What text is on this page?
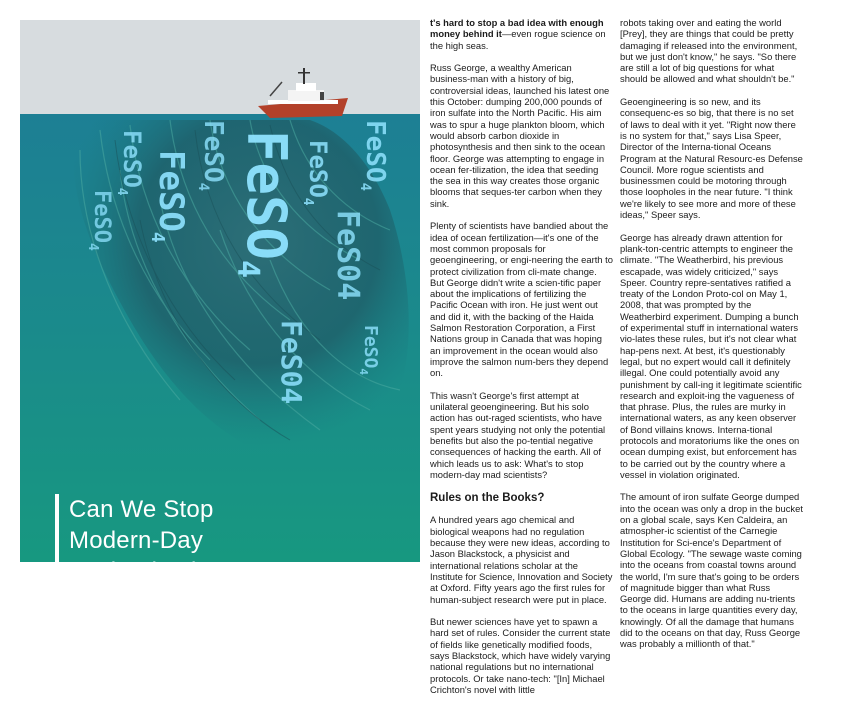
FeSO$_4$
FeSO$_4$ FeSO$_4$
FeSO$_4$ FeSO4
FeSO$_4$
FeSO$_4$
FeS04	FeSO$_4$
FeS04
Can We Stop
Modern-Day
Mad Scientists?

t's hard to stop a bad idea with enough money behind it—even rogue science on the high seas.

Russ George, a wealthy American business-man with a history of big, controversial ideas, launched his latest one this October: dumping 200,000 pounds of iron sulfate into the North Pacific. His aim was to spur a huge plankton bloom, which would absorb carbon dioxide in photosynthesis and then sink to the ocean floor. George was attempting to engage in ocean fer-tilization, the idea that seeding the sea in this way creates those organic blooms that seques-ter carbon when they sink.

Plenty of scientists have bandied about the idea of ocean fertilization—it's one of the most common proposals for geoengineering, or engi-neering the earth to protect civilization from cli-mate change. But George didn't write a scien-tific paper about the implications of fertilizing the Pacific Ocean with iron. He just went out and did it, with the backing of the Haida Salmon Restoration Corporation, a First Nations group in Canada that was hoping an improvement in the ocean would also improve the salmon num-bers they depend on.

This wasn't George's first attempt at unilateral geoengineering. But his solo action has out-raged scientists, who have spent years studying not only the potential benefits but also the po-tential negative consequences of hacking the earth. All of which leads us to ask: What's to stop modern-day mad scientists?

Rules on the Books?

A hundred years ago chemical and biological weapons had no regulation because they were new ideas, according to Jason Blackstock, a physicist and international relations scholar at the Institute for Science, Innovation and Society at Oxford. Fifty years ago the first rules for human-subject research were put in place.

But newer sciences have yet to spawn a hard set of rules. Consider the current state of fields like genetically modified foods, says Blackstock, which have widely varying national regulations but no international protocols. Or take nano-tech: "[In] Michael Crichton's novel with little

robots taking over and eating the world [Prey], they are things that could be pretty damaging if released into the environment, but we just don't know," he says. "So there are still a lot of big questions for what should be allowed and what shouldn't be."

Geoengineering is so new, and its consequenc-es so big, that there is no set of laws to deal with it yet. "Right now there is no system for that," says Lisa Speer, Director of the Interna-tional Oceans Program at the Natural Resourc-es Defense Council. More rogue scientists and businessmen could be motoring through those loopholes in the near future. "I think we're likely to see more and more of these ideas," Speer says.

George has already drawn attention for plank-ton-centric attempts to engineer the climate. "The Weatherbird, his previous escapade, was widely criticized," says Speer. Country repre-sentatives ratified a treaty of the London Proto-col on May 1, 2008, that was prompted by the Weatherbird experiment. Dumping a bunch of experimental stuff in international waters vio-lates these rules, but it's not clear what hap-pens next. At best, it's questionably legal, but no expert would call it definitely illegal. One could potentially avoid any punishment by call-ing it legitimate scientific research and exploit-ing the vagueness of that phrase. Plus, the rules are murky in international waters, as any keen observer of Bond villains knows. Interna-tional protocols and moratoriums like the ones on ocean dumping exist, but enforcement has to be carried out by the country where a vessel in violation originated.

The amount of iron sulfate George dumped into the ocean was only a drop in the bucket on a global scale, says Ken Caldeira, an atmospher-ic scientist of the Carnegie Institution for Sci-ence's Department of Global Ecology. "The sewage waste coming into the oceans from coastal towns around the world, I'm sure that's going to be orders of magnitude bigger than what Russ George did. Humans are adding nu-trients to the oceans in large quantities every day, knowingly. Of all the damage that humans did to the oceans on that day, Russ George was probably a millionth of that."
